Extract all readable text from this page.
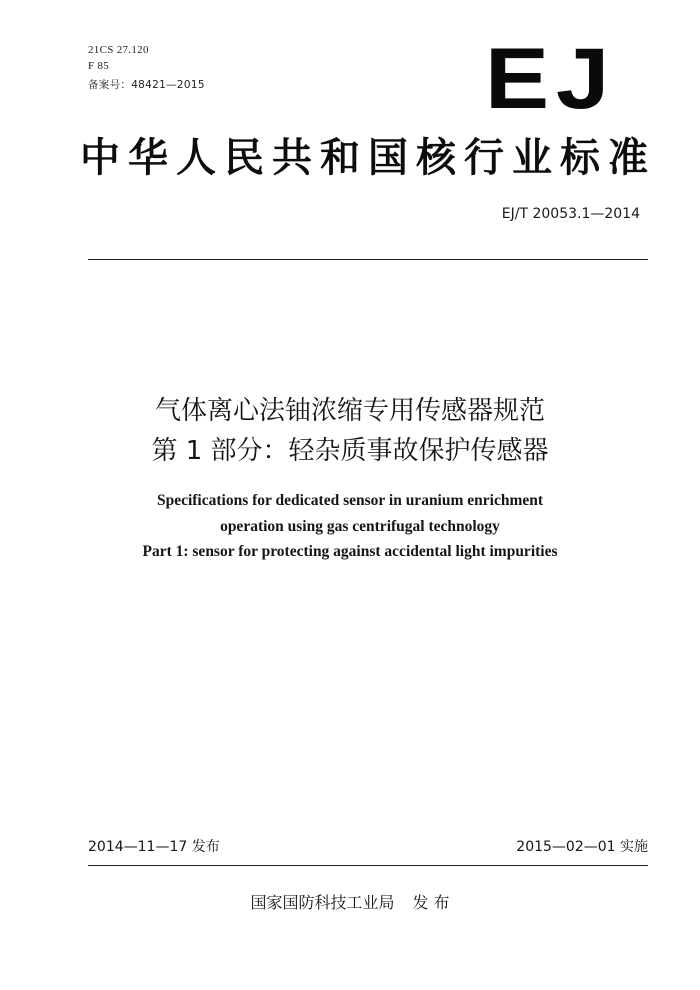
21CS 27.120
F 85
备案号：48421—2015	EJ
中华人民共和国核行业标准
EJ/T 20053.1—2014
气体离心法铀浓缩专用传感器规范
第 1 部分：轻杂质事故保护传感器
Specifications for dedicated sensor in uranium enrichment
operation using gas centrifugal technology
Part 1: sensor for protecting against accidental light impurities
2014—11—17 发布	2015—02—01 实施
国家国防科技工业局 发 布
